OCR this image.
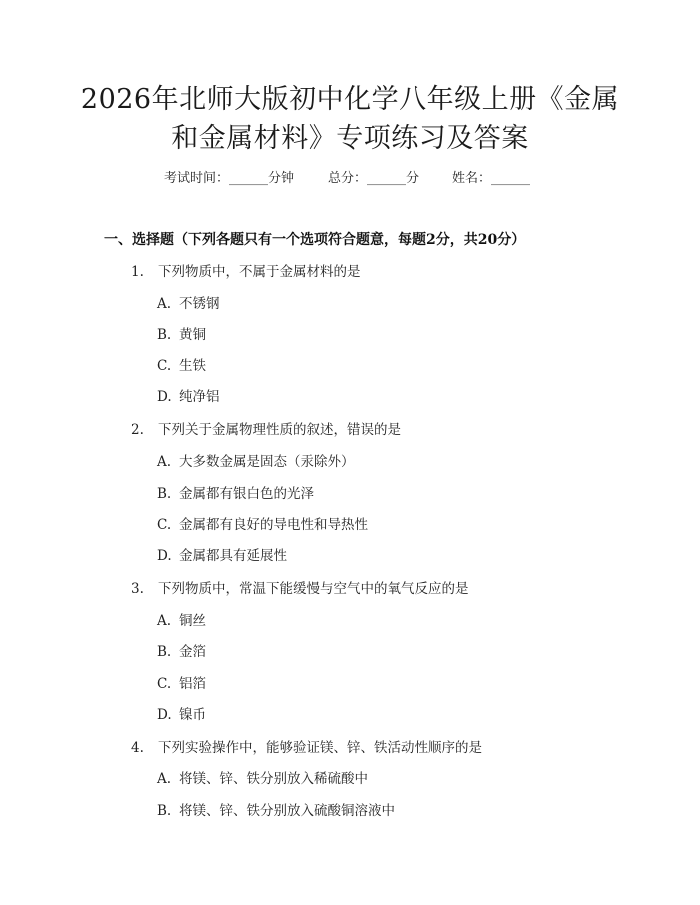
2026年北师大版初中化学八年级上册《金属
和金属材料》专项练习及答案
考试时间：______分钟	总分：______分	姓名：______
一、选择题（下列各题只有一个选项符合题意，每题2分，共20分）
1. 下列物质中，不属于金属材料的是
A. 不锈钢
B. 黄铜
C. 生铁
D. 纯净铝
2. 下列关于金属物理性质的叙述，错误的是
A. 大多数金属是固态（汞除外）
B. 金属都有银白色的光泽
C. 金属都有良好的导电性和导热性
D. 金属都具有延展性
3. 下列物质中，常温下能缓慢与空气中的氧气反应的是
A. 铜丝
B. 金箔
C. 铝箔
D. 镍币
4. 下列实验操作中，能够验证镁、锌、铁活动性顺序的是
A. 将镁、锌、铁分别放入稀硫酸中
B. 将镁、锌、铁分别放入硫酸铜溶液中
